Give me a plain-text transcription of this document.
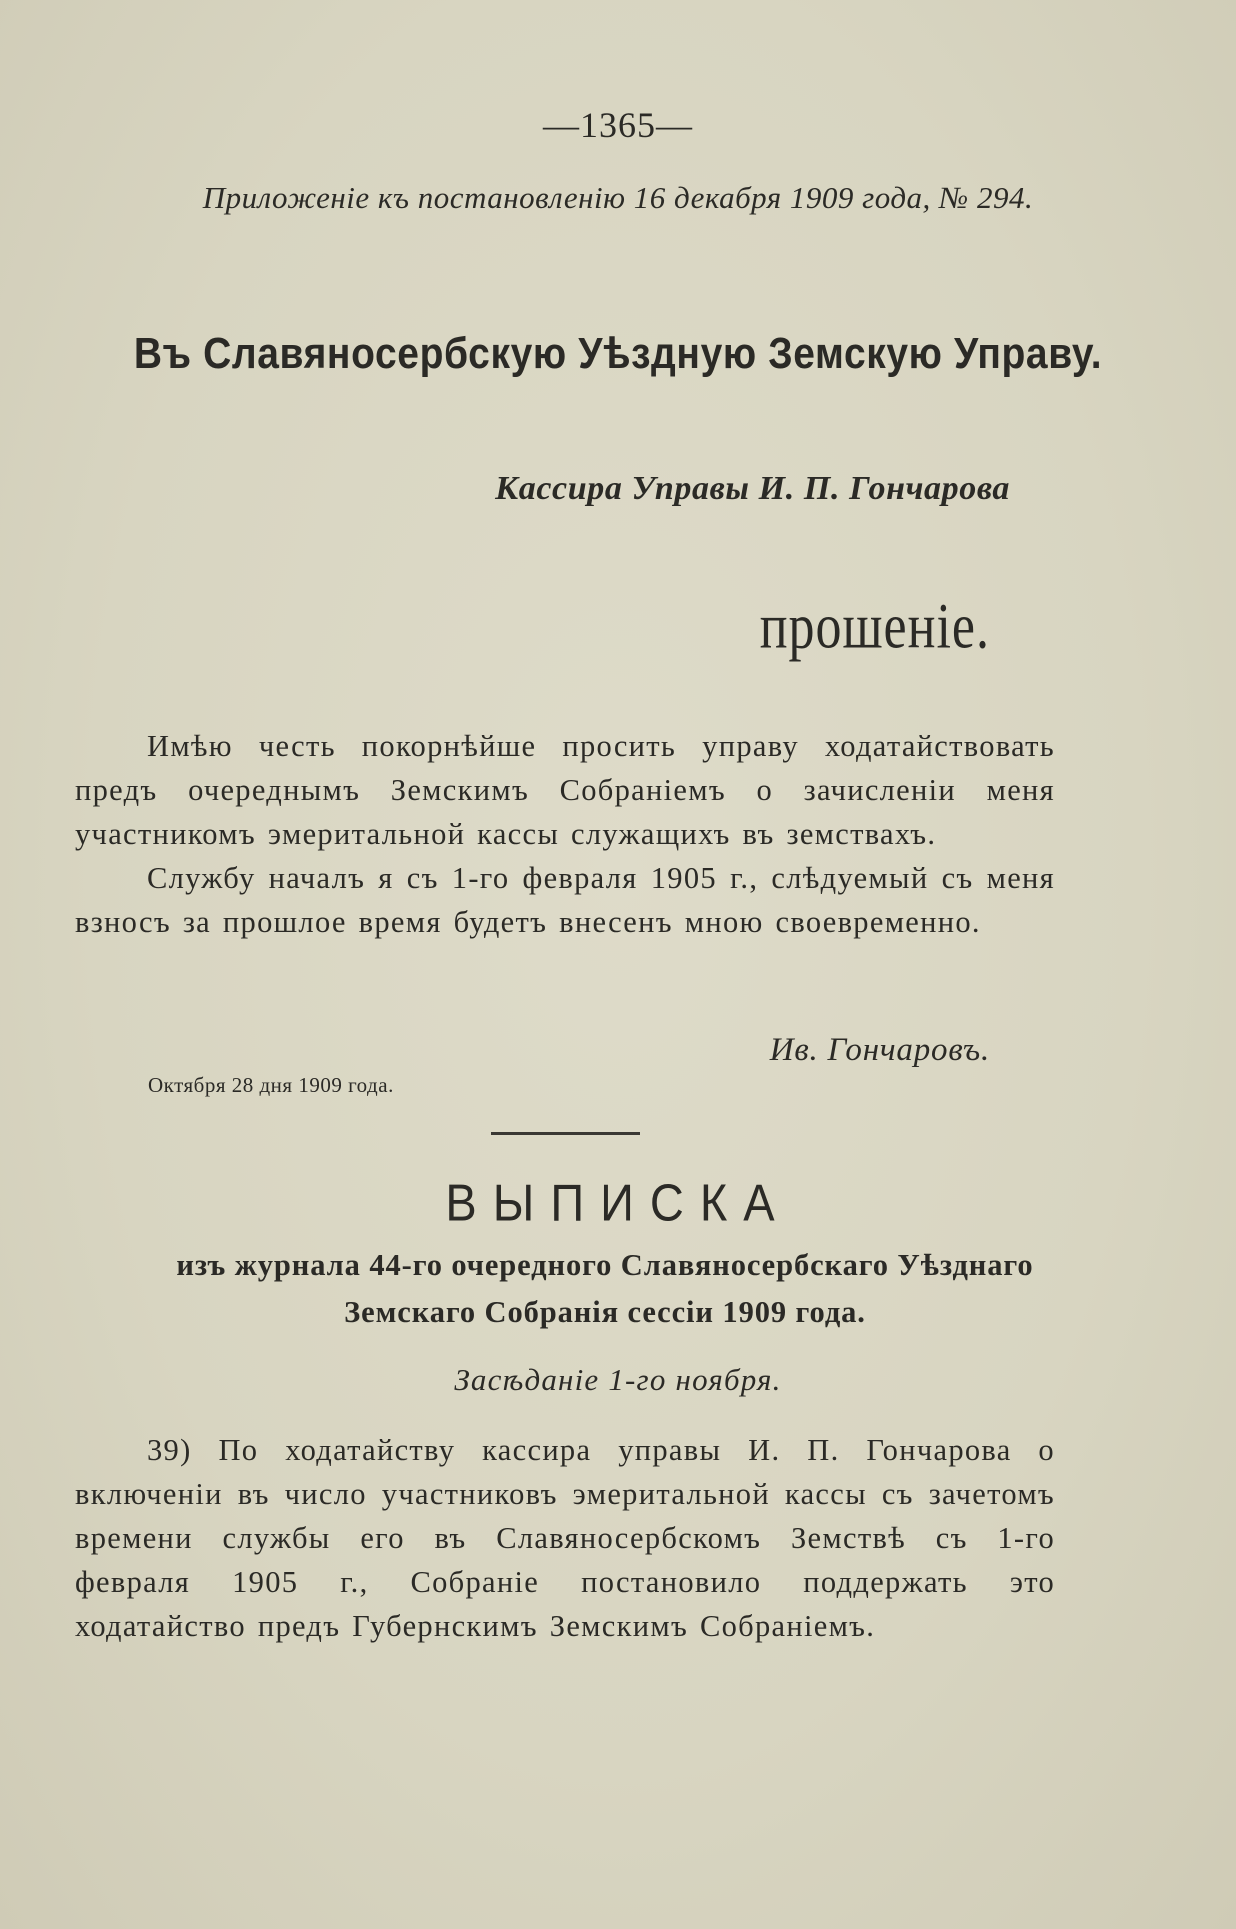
—1365—
Приложеніе къ постановленію 16 декабря 1909 года, № 294.
Въ Славяносербскую Уѣздную Земскую Управу.
Кассира Управы И. П. Гончарова
прошеніе.

Имѣю честь покорнѣйше просить управу ходатайствовать предъ очереднымъ Земскимъ Собраніемъ о зачисленіи меня участникомъ эмеритальной кассы служащихъ въ земствахъ.

Службу началъ я съ 1-го февраля 1905 г., слѣдуемый съ меня взносъ за прошлое время будетъ внесенъ мною своевременно.

Ив. Гончаровъ.
Октября 28 дня 1909 года.
ВЫПИСКА
изъ журнала 44-го очередного Славяносербскаго Уѣзднаго Земскаго Собранія сессіи 1909 года.
Засѣданіе 1-го ноября.

39) По ходатайству кассира управы И. П. Гончарова о включеніи въ число участниковъ эмеритальной кассы съ зачетомъ времени службы его въ Славяносербскомъ Земствѣ съ 1-го февраля 1905 г., Собраніе постановило поддержать это ходатайство предъ Губернскимъ Земскимъ Собраніемъ.
